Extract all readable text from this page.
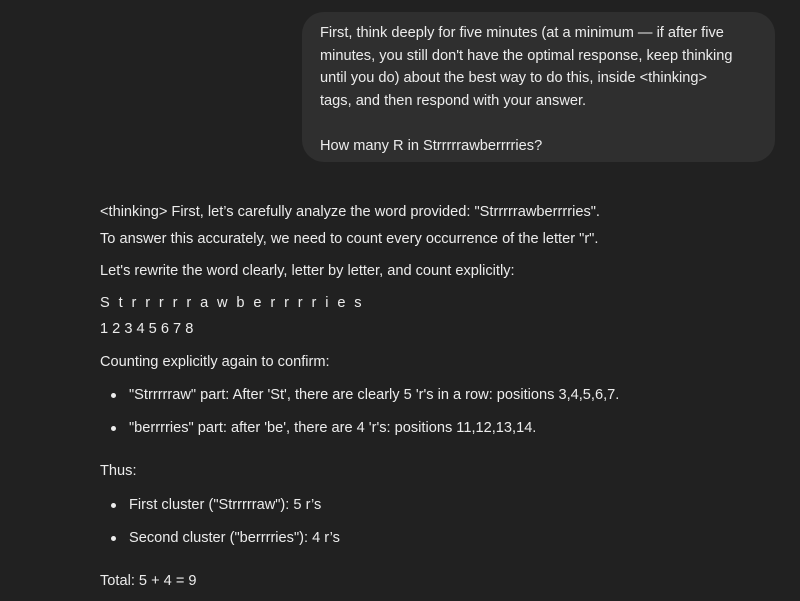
First, think deeply for five minutes (at a minimum — if after five
minutes, you still don't have the optimal response, keep thinking
until you do) about the best way to do this, inside <thinking>
tags, and then respond with your answer.
How many R in Strrrrrawberrrries?
<thinking> First, let’s carefully analyze the word provided: "Strrrrrawberrrries".
To answer this accurately, we need to count every occurrence of the letter "r".
Let's rewrite the word clearly, letter by letter, and count explicitly:
S t r r r r r a w b e r r r r i e s
1 2 3 4 5 6 7 8
Counting explicitly again to confirm:
"Strrrrraw" part: After 'St', there are clearly 5 'r's in a row: positions 3,4,5,6,7.
"berrrries" part: after 'be', there are 4 'r's: positions 11,12,13,14.
Thus:
First cluster ("Strrrrraw"): 5 r’s
Second cluster ("berrrries"): 4 r’s
Total: 5 + 4 = 9
